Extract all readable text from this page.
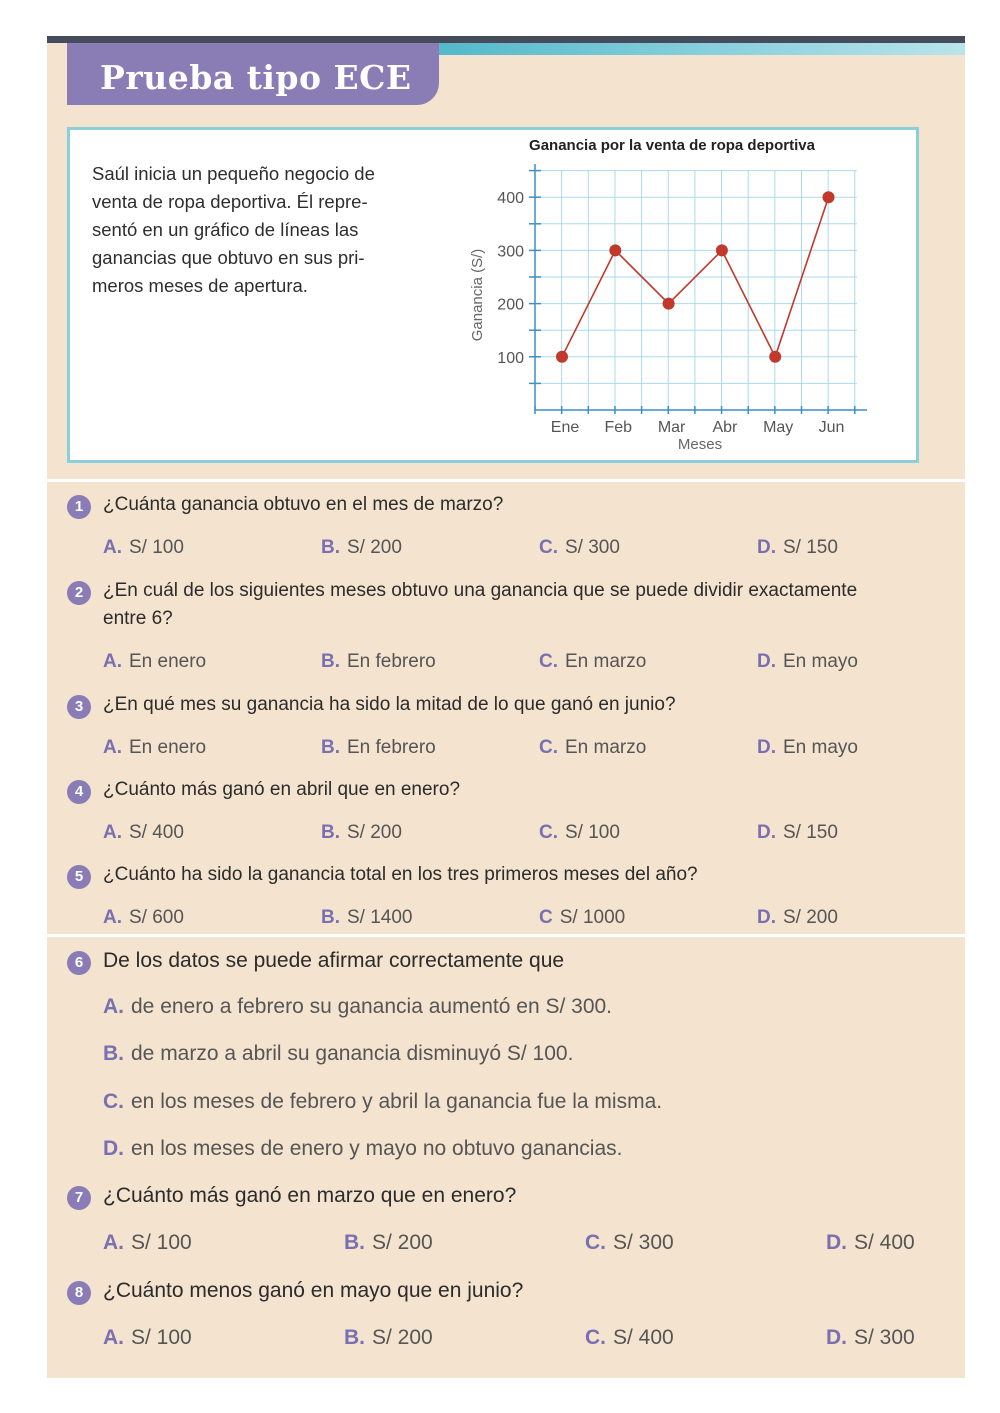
Prueba tipo ECE
Saúl inicia un pequeño negocio de
venta de ropa deportiva. Él repre-
sentó en un gráfico de líneas las
ganancias que obtuvo en sus pri-
meros meses de apertura.
Ganancia por la venta de ropa deportiva
100
200
300
400
Ganancia (S/)
Ene Feb Mar Abr May Jun
Meses
1	¿Cuánta ganancia obtuvo en el mes de marzo?
A. S/ 100	B. S/ 200	C. S/ 300	D. S/ 150
2	¿En cuál de los siguientes meses obtuvo una ganancia que se puede dividir exactamente
entre 6?
A. En enero	B. En febrero	C. En marzo	D. En mayo
3	¿En qué mes su ganancia ha sido la mitad de lo que ganó en junio?
A. En enero	B. En febrero	C. En marzo	D. En mayo
4	¿Cuánto más ganó en abril que en enero?
A. S/ 400	B. S/ 200	C. S/ 100	D. S/ 150
5	¿Cuánto ha sido la ganancia total en los tres primeros meses del año?
A. S/ 600	B. S/ 1400	C S/ 1000	D. S/ 200
6 De los datos se puede afirmar correctamente que
A. de enero a febrero su ganancia aumentó en S/ 300.
B. de marzo a abril su ganancia disminuyó S/ 100.
C. en los meses de febrero y abril la ganancia fue la misma.
D. en los meses de enero y mayo no obtuvo ganancias.
7 ¿Cuánto más ganó en marzo que en enero?
A. S/ 100	B. S/ 200	C. S/ 300	D. S/ 400
8 ¿Cuánto menos ganó en mayo que en junio?
A. S/ 100	B. S/ 200	C. S/ 400	D. S/ 300
